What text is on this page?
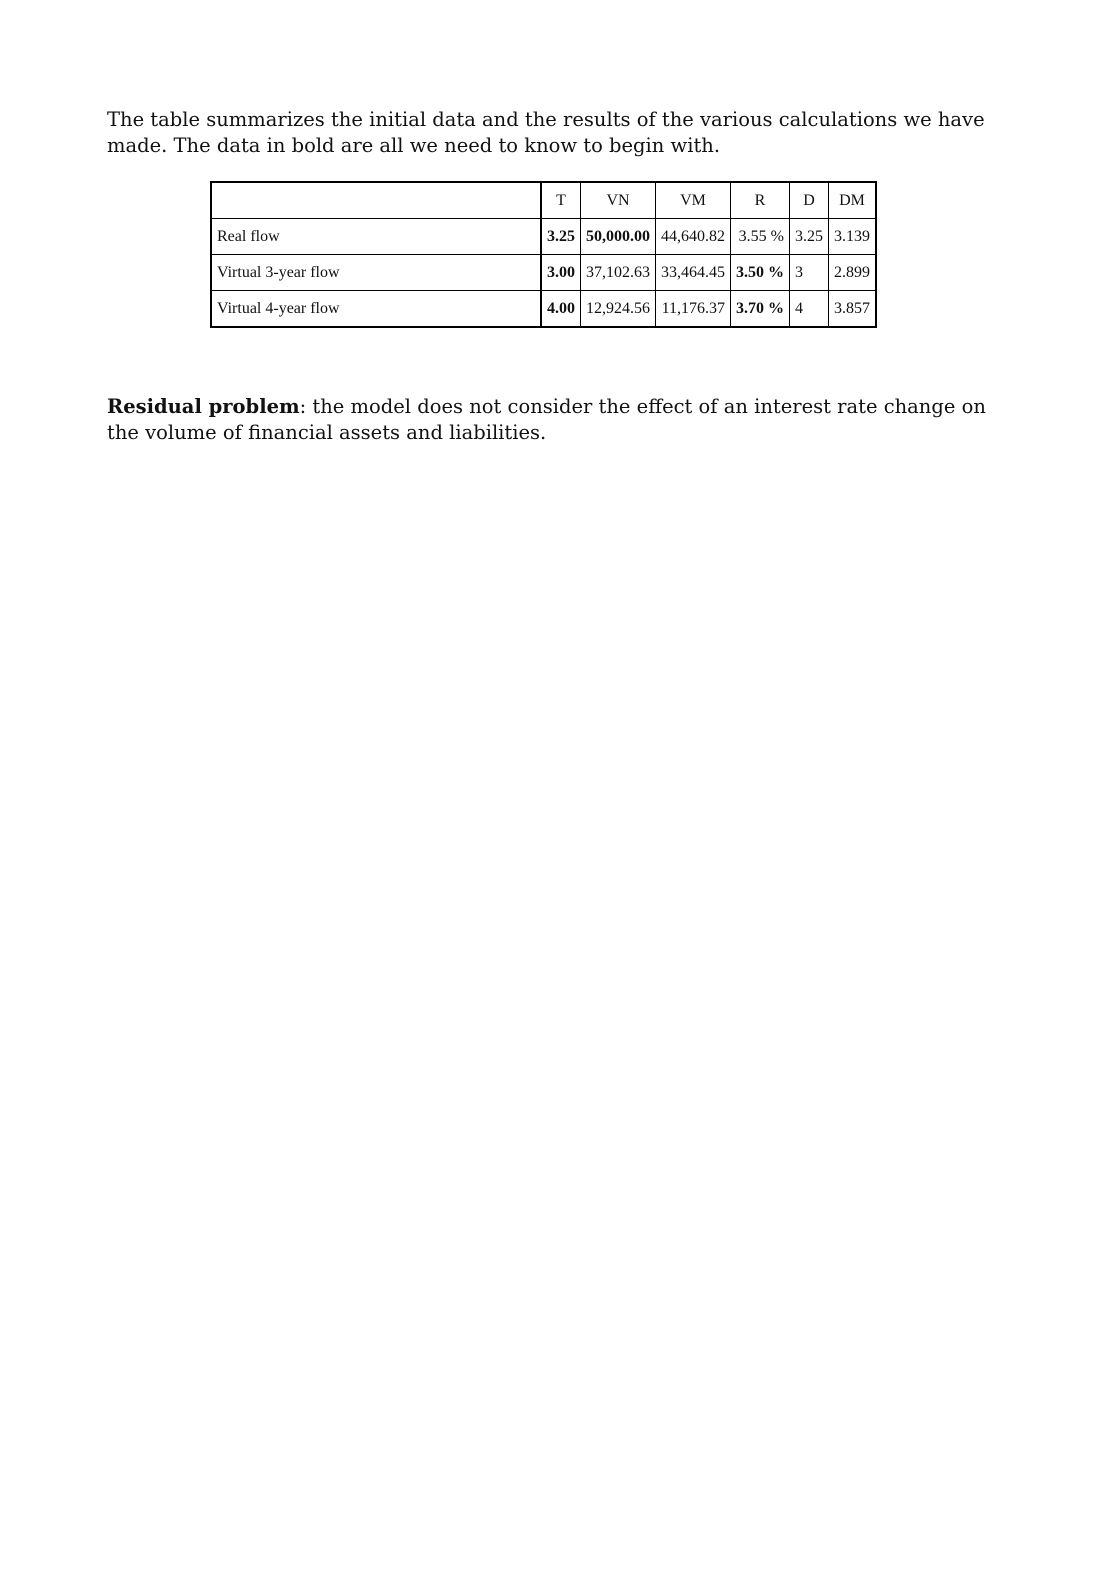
The table summarizes the initial data and the results of the various calculations we have made. The data in bold are all we need to know to begin with.

	T	VN	VM	R	D	DM
Real flow	3.25	50,000.00	44,640.82	3.55 %	3.25	3.139
Virtual 3-year flow	3.00	37,102.63	33,464.45	3.50 %	3	2.899
Virtual 4-year flow	4.00	12,924.56	11,176.37	3.70 %	4	3.857

Residual problem: the model does not consider the effect of an interest rate change on the volume of financial assets and liabilities.
